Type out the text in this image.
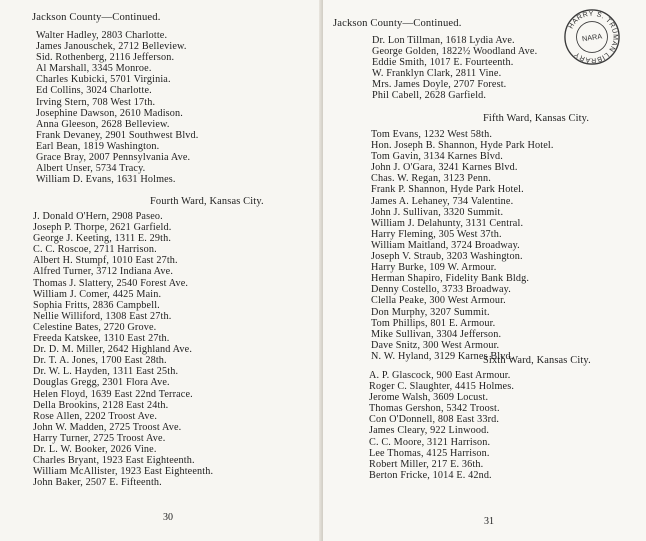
Jackson County—Continued.
Walter Hadley, 2803 Charlotte.
James Janouschek, 2712 Belleview.
Sid. Rothenberg, 2116 Jefferson.
Al Marshall, 3345 Monroe.
Charles Kubicki, 5701 Virginia.
Ed Collins, 3024 Charlotte.
Irving Stern, 708 West 17th.
Josephine Dawson, 2610 Madison.
Anna Gleeson, 2628 Belleview.
Frank Devaney, 2901 Southwest Blvd.
Earl Bean, 1819 Washington.
Grace Bray, 2007 Pennsylvania Ave.
Albert Unser, 5734 Tracy.
William D. Evans, 1631 Holmes.
Fourth Ward, Kansas City.
J. Donald O'Hern, 2908 Paseo.
Joseph P. Thorpe, 2621 Garfield.
George J. Keeting, 1311 E. 29th.
C. C. Roscoe, 2711 Harrison.
Albert H. Stumpf, 1010 East 27th.
Alfred Turner, 3712 Indiana Ave.
Thomas J. Slattery, 2540 Forest Ave.
William J. Comer, 4425 Main.
Sophia Fritts, 2836 Campbell.
Nellie Williford, 1308 East 27th.
Celestine Bates, 2720 Grove.
Freeda Katskee, 1310 East 27th.
Dr. D. M. Miller, 2642 Highland Ave.
Dr. T. A. Jones, 1700 East 28th.
Dr. W. L. Hayden, 1311 East 25th.
Douglas Gregg, 2301 Flora Ave.
Helen Floyd, 1639 East 22nd Terrace.
Della Brookins, 2128 East 24th.
Rose Allen, 2202 Troost Ave.
John W. Madden, 2725 Troost Ave.
Harry Turner, 2725 Troost Ave.
Dr. L. W. Booker, 2026 Vine.
Charles Bryant, 1923 East Eighteenth.
William McAllister, 1923 East Eighteenth.
John Baker, 2507 E. Fifteenth.
30
Jackson County—Continued.
Dr. Lon Tillman, 1618 Lydia Ave.
George Golden, 1822½ Woodland Ave.
Eddie Smith, 1017 E. Fourteenth.
W. Franklyn Clark, 2811 Vine.
Mrs. James Doyle, 2707 Forest.
Phil Cabell, 2628 Garfield.
Fifth Ward, Kansas City.
Tom Evans, 1232 West 58th.
Hon. Joseph B. Shannon, Hyde Park Hotel.
Tom Gavin, 3134 Karnes Blvd.
John J. O'Gara, 3241 Karnes Blvd.
Chas. W. Regan, 3123 Penn.
Frank P. Shannon, Hyde Park Hotel.
James A. Lehaney, 734 Valentine.
John J. Sullivan, 3320 Summit.
William J. Delahunty, 3131 Central.
Harry Fleming, 305 West 37th.
William Maitland, 3724 Broadway.
Joseph V. Straub, 3203 Washington.
Harry Burke, 109 W. Armour.
Herman Shapiro, Fidelity Bank Bldg.
Denny Costello, 3733 Broadway.
Clella Peake, 300 West Armour.
Don Murphy, 3207 Summit.
Tom Phillips, 801 E. Armour.
Mike Sullivan, 3304 Jefferson.
Dave Snitz, 300 West Armour.
N. W. Hyland, 3129 Karnes Blvd.
Sixth Ward, Kansas City.
A. P. Glascock, 900 East Armour.
Roger C. Slaughter, 4415 Holmes.
Jerome Walsh, 3609 Locust.
Thomas Gershon, 5342 Troost.
Con O'Donnell, 808 East 33rd.
James Cleary, 922 Linwood.
C. C. Moore, 3121 Harrison.
Lee Thomas, 4125 Harrison.
Robert Miller, 217 E. 36th.
Berton Fricke, 1014 E. 42nd.
31
HARRY S. TRUMAN LIBRARY
NARA
